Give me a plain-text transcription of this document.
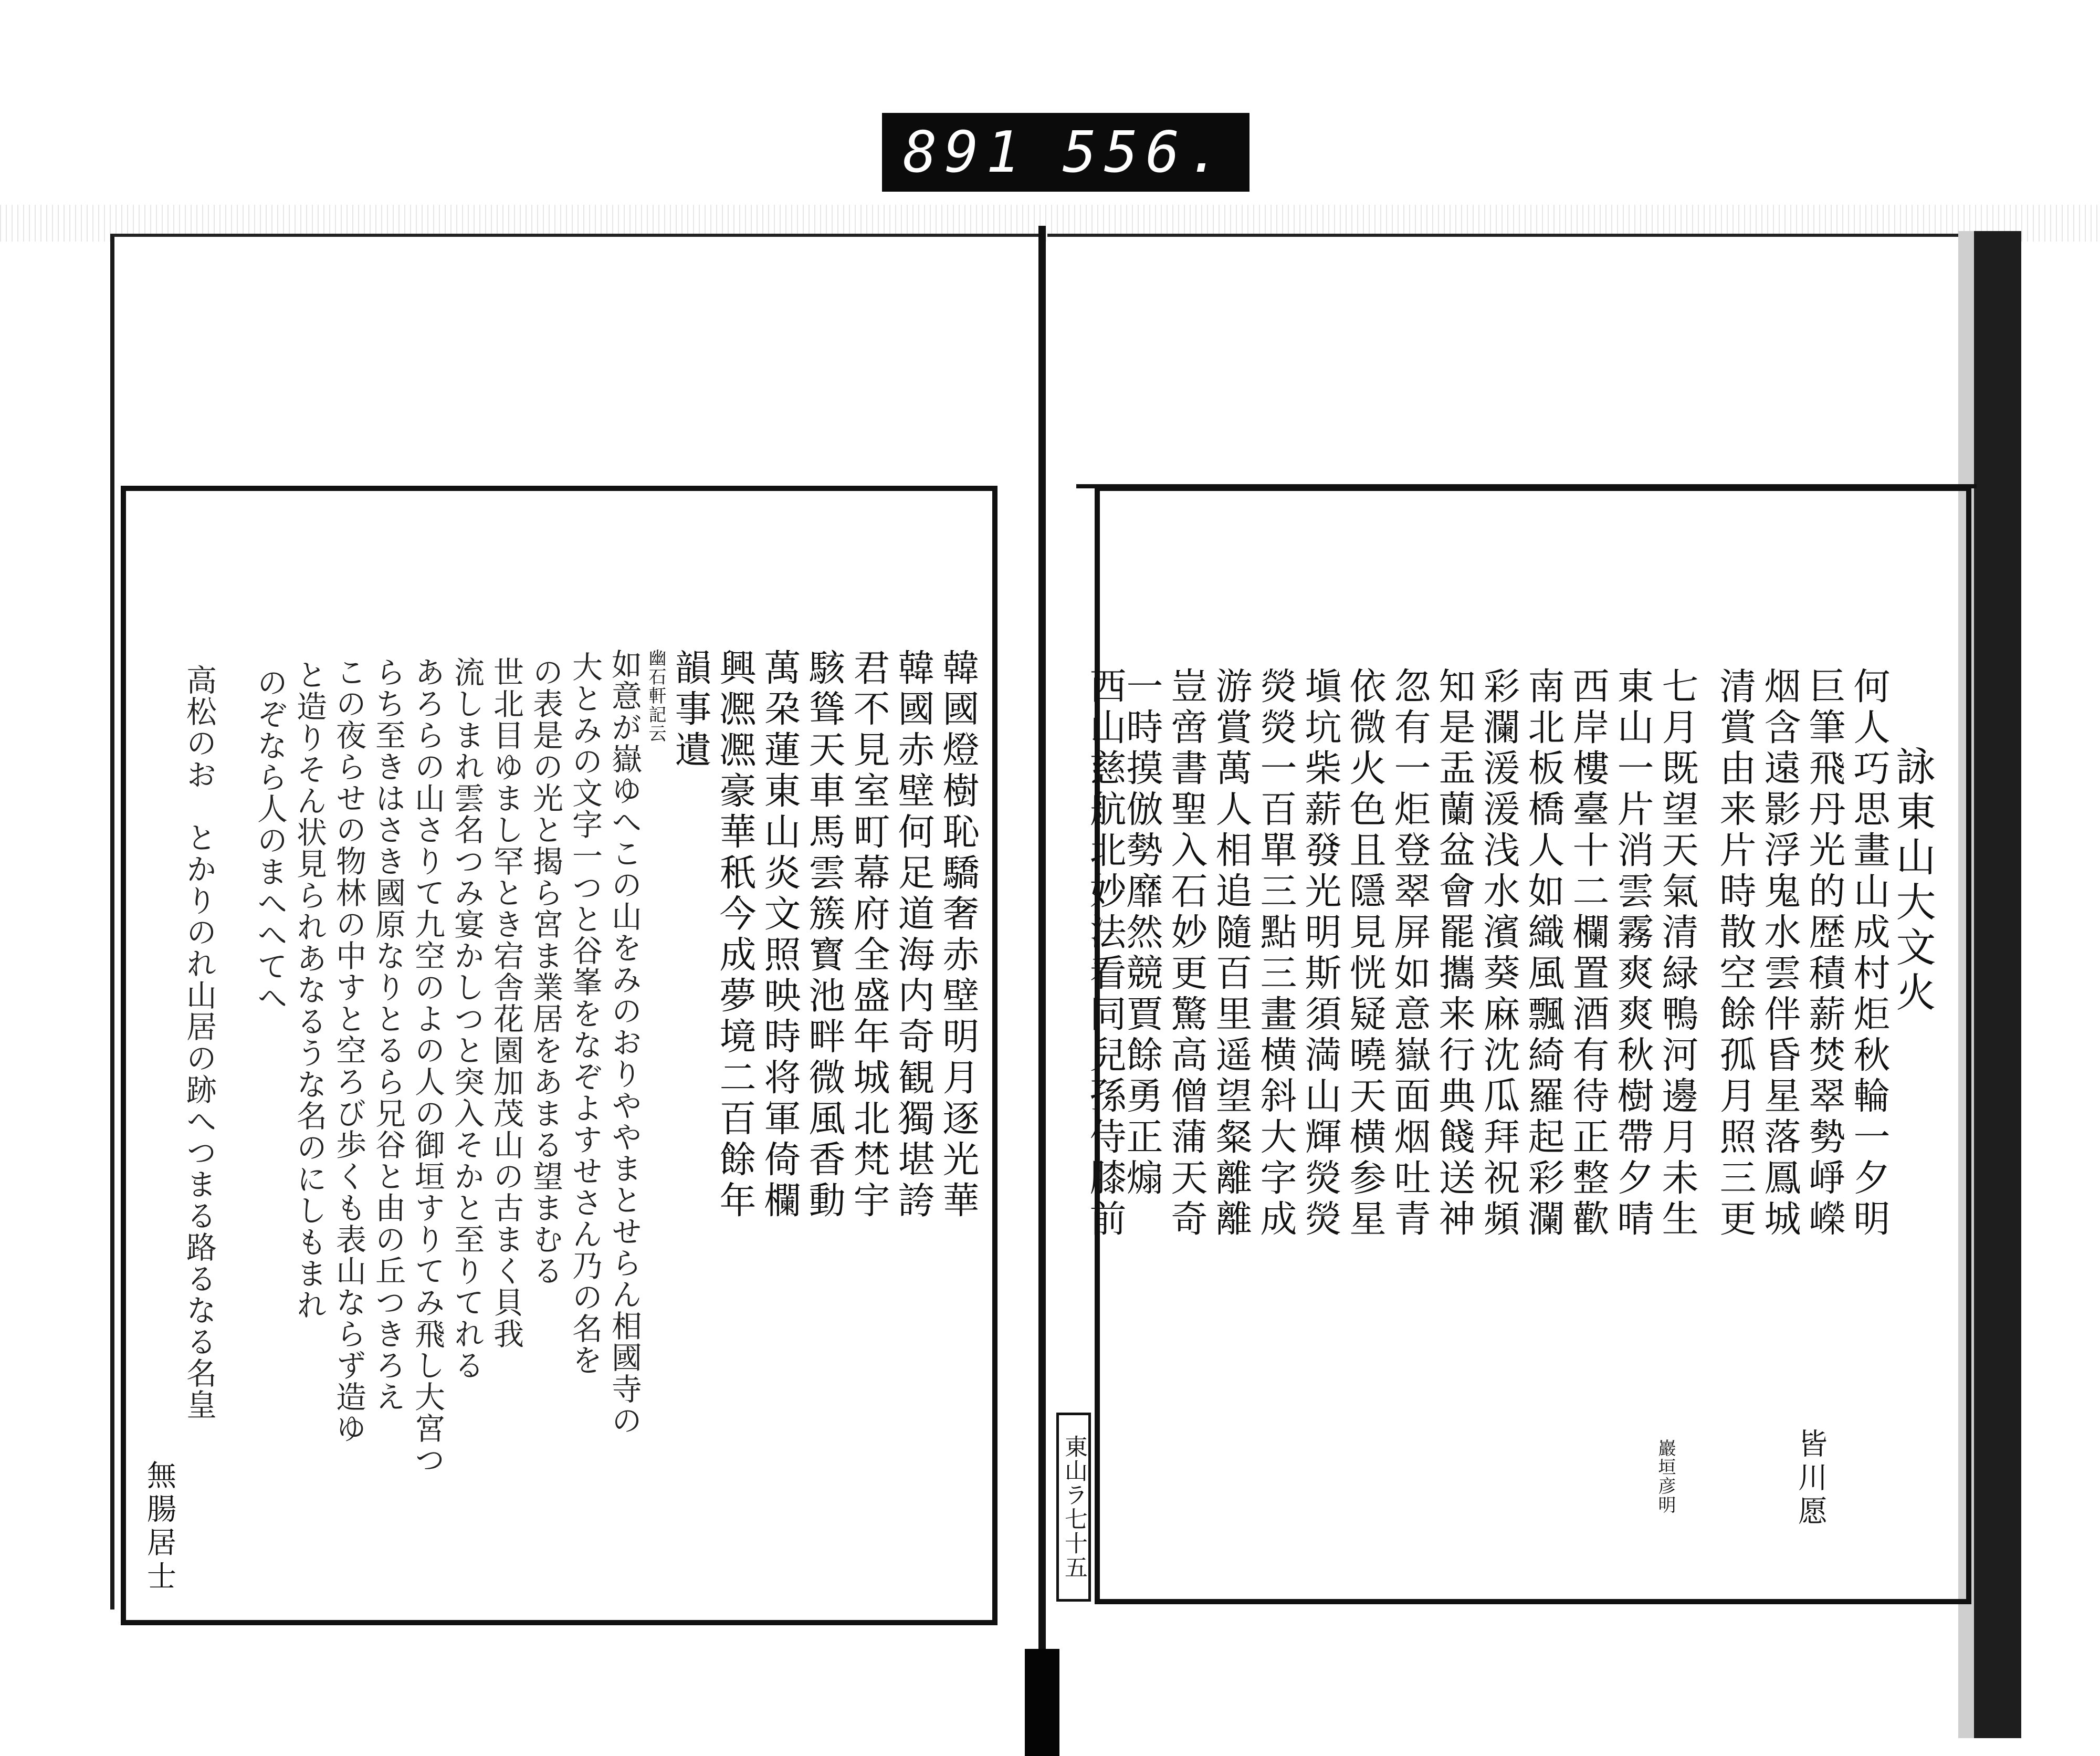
891 556.
韓國燈樹恥驕奢赤壁明月逐光華
韓國赤壁何足道海内奇観獨堪誇
君不見室町幕府全盛年城北梵宇
駭聳天車馬雲簇寳池畔微風香動
萬朶蓮東山炎文照映時将軍倚欄
興凞凞豪華秖今成夢境二百餘年
韻事遺
幽石軒記云
如意が嶽ゆへこの山をみのおりややまとせらん相國寺の
大とみの文字一つと谷峯をなぞよすせさん乃の名を
の表是の光と揭ら宮ま業居をあまる望まむる
世北目ゆまし罕とき宕舎花園加茂山の古まく貝我
流しまれ雲名つみ宴かしつと突入そかと至りてれる
あろらの山さりて九空のよの人の御垣すりてみ飛し大宮つ
らち至きはさき國原なりとるら兄谷と由の丘つきろえ
この夜らせの物林の中すと空ろび歩くも表山ならず造ゆ
と造りそん状見られあなるうな名のにしもまれ
のぞなら人のまへへてへ
高松のお　とかりのれ山居の跡へつまる路るなる名皇
無腸居士
詠東山大文火
何人巧思畫山成村炬秋輪一夕明
巨筆飛丹光的歴積薪焚翠勢崢嶸
烟含遠影浮鬼水雲伴昏星落鳳城
清賞由来片時散空餘孤月照三更
皆川愿
七月既望天氣清緑鴨河邊月未生
東山一片消雲霧爽爽秋樹帶夕晴
西岸樓臺十二欄置酒有待正整歡
南北板橋人如織風飄綺羅起彩瀾
彩瀾湲湲浅水濱葵麻沈瓜拜祝頻
知是盂蘭盆會罷攜来行典餞送神
忽有一炬登翠屏如意嶽面烟吐青
依微火色且隱見恍疑曉天横参星
塡坑柴薪發光明斯須満山輝熒熒
熒熒一百單三點三畫横斜大字成
游賞萬人相追隨百里遥望粲離離
豈啻書聖入石妙更驚高僧蒲天奇
一時摸倣勢靡然競賈餘勇正煽
西山慈航北妙法看同兒孫侍膝前
巖垣彦明
東山ラ七十五
